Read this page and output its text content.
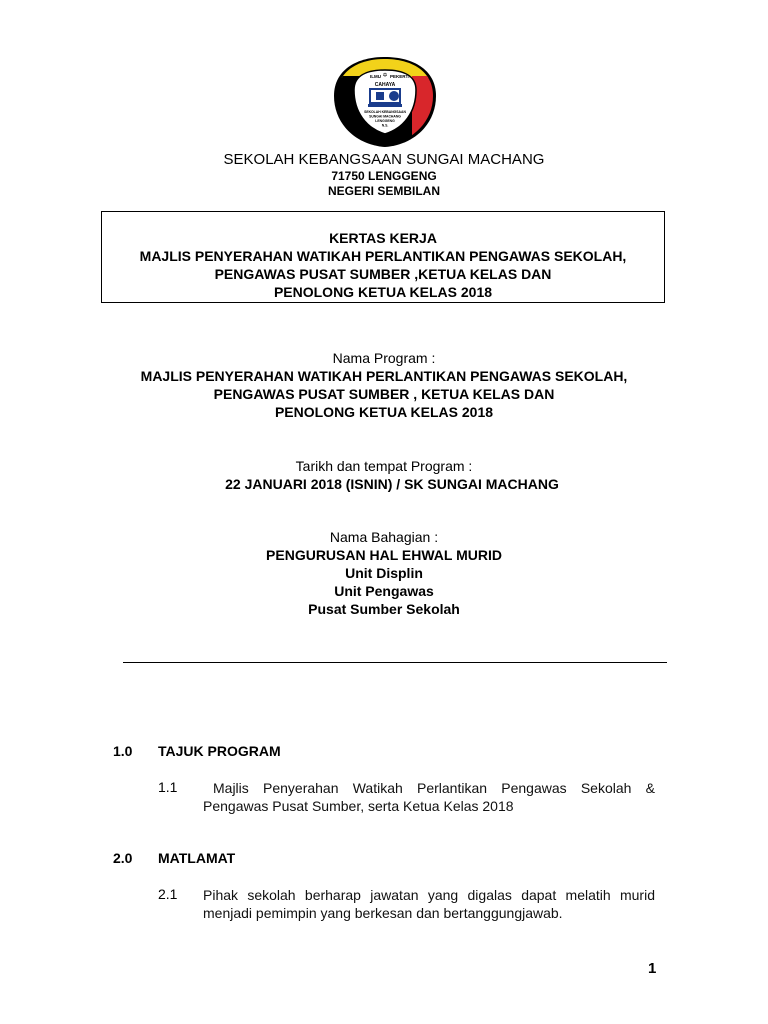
ILMU PEKERTI
✡
CAHAYA
SEKOLAH KEBANGSAAN
SUNGAI MACHANG
LENGGENG
N.S.
SEKOLAH KEBANGSAAN SUNGAI MACHANG
71750 LENGGENG
NEGERI SEMBILAN
KERTAS KERJA
MAJLIS PENYERAHAN WATIKAH PERLANTIKAN PENGAWAS SEKOLAH,
PENGAWAS PUSAT SUMBER ,KETUA KELAS DAN
PENOLONG KETUA KELAS 2018
Nama Program :
MAJLIS PENYERAHAN WATIKAH PERLANTIKAN PENGAWAS SEKOLAH,
PENGAWAS PUSAT SUMBER , KETUA KELAS DAN
PENOLONG KETUA KELAS 2018
Tarikh dan tempat Program :
22 JANUARI 2018 (ISNIN) / SK SUNGAI MACHANG
Nama Bahagian :
PENGURUSAN HAL EHWAL MURID
Unit Displin
Unit Pengawas
Pusat Sumber Sekolah
1.0 TAJUK PROGRAM
1.1	Majlis Penyerahan Watikah Perlantikan Pengawas Sekolah & Pengawas Pusat Sumber, serta Ketua Kelas 2018
2.0 MATLAMAT
2.1 Pihak sekolah berharap jawatan yang digalas dapat melatih murid menjadi pemimpin yang berkesan dan bertanggungjawab.
1
